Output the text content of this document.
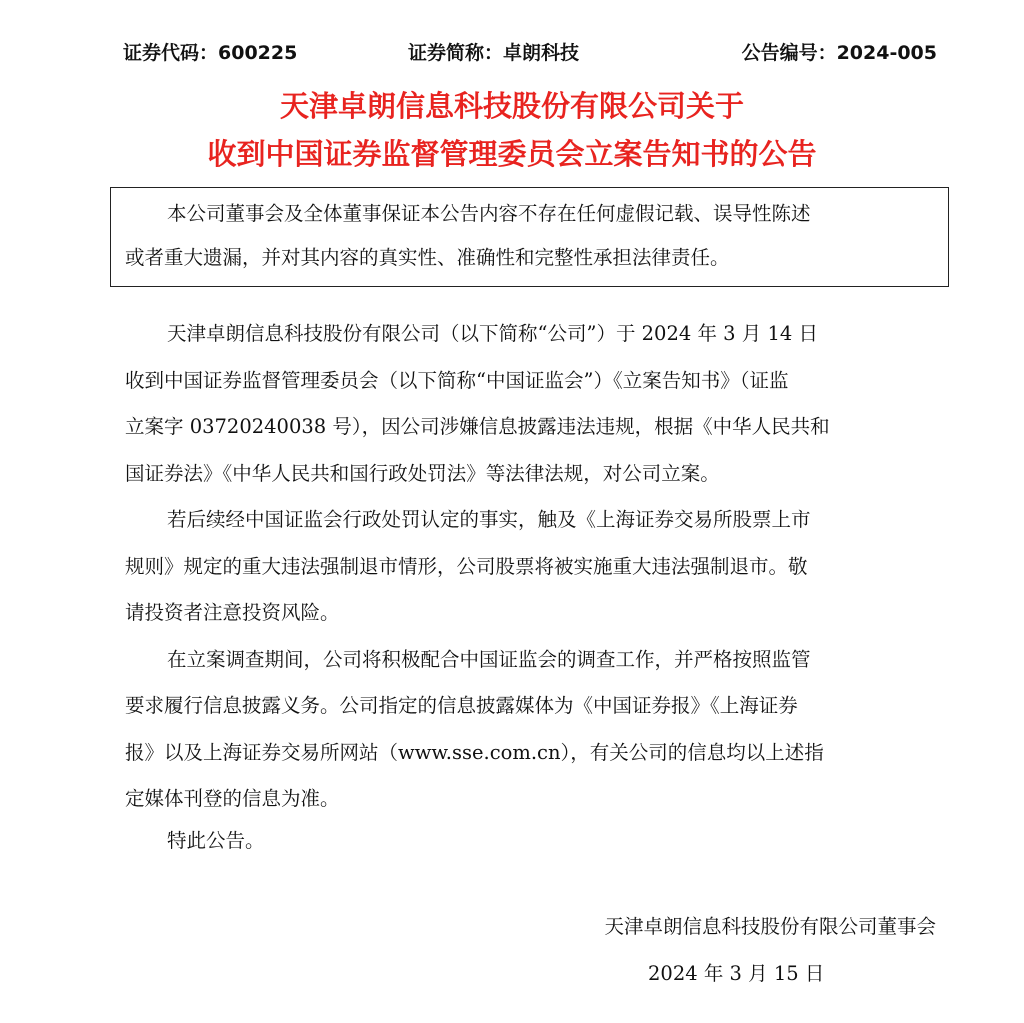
证券代码：600225	证券简称：卓朗科技	公告编号：2024-005
天津卓朗信息科技股份有限公司关于
收到中国证券监督管理委员会立案告知书的公告

本公司董事会及全体董事保证本公告内容不存在任何虚假记载、误导性陈述

或者重大遗漏，并对其内容的真实性、准确性和完整性承担法律责任。

天津卓朗信息科技股份有限公司（以下简称“公司”）于 2024 年 3 月 14 日

收到中国证券监督管理委员会（以下简称“中国证监会”）《立案告知书》（证监

立案字 03720240038 号），因公司涉嫌信息披露违法违规，根据《中华人民共和

国证券法》《中华人民共和国行政处罚法》等法律法规，对公司立案。

若后续经中国证监会行政处罚认定的事实，触及《上海证券交易所股票上市

规则》规定的重大违法强制退市情形，公司股票将被实施重大违法强制退市。敬

请投资者注意投资风险。

在立案调查期间，公司将积极配合中国证监会的调查工作，并严格按照监管

要求履行信息披露义务。公司指定的信息披露媒体为《中国证券报》《上海证券

报》以及上海证券交易所网站（www.sse.com.cn），有关公司的信息均以上述指

定媒体刊登的信息为准。

特此公告。
天津卓朗信息科技股份有限公司董事会
2024 年 3 月 15 日
